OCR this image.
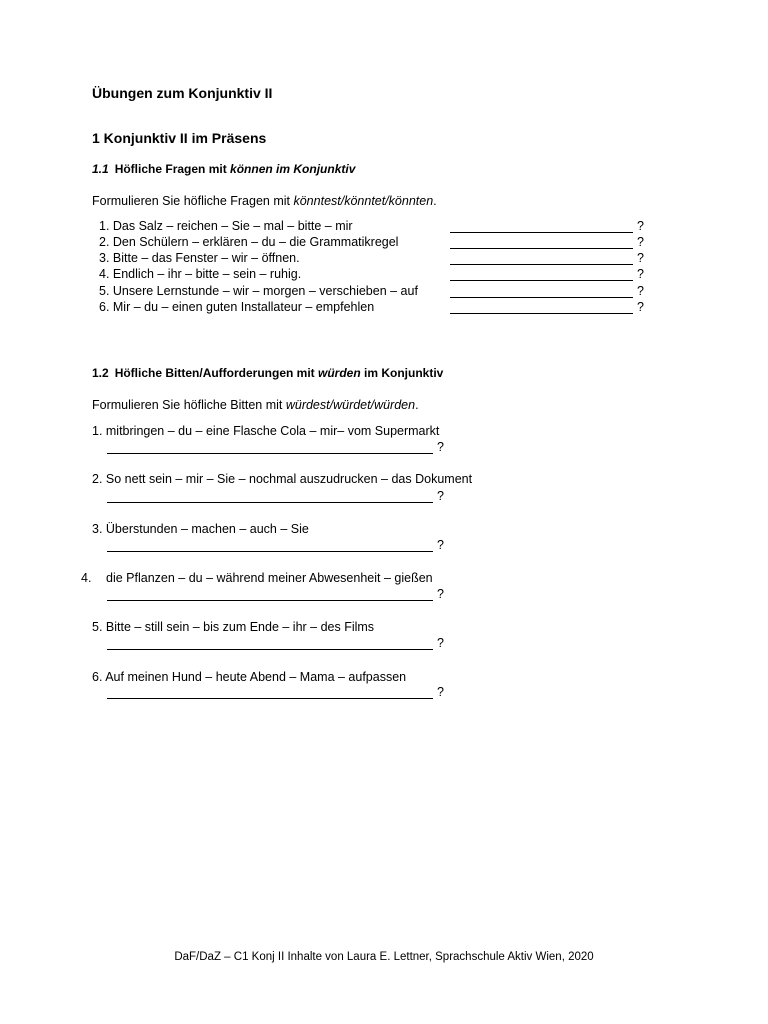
Übungen zum Konjunktiv II
1 Konjunktiv II im Präsens
1.1 Höfliche Fragen mit können im Konjunktiv
Formulieren Sie höfliche Fragen mit könntest/könntet/könnten.
1. Das Salz – reichen – Sie – mal – bitte – mir	?
2. Den Schülern – erklären – du – die Grammatikregel	?
3. Bitte – das Fenster – wir – öffnen.	?
4. Endlich – ihr – bitte – sein – ruhig.	?
5. Unsere Lernstunde – wir – morgen – verschieben – auf	?
6. Mir – du – einen guten Installateur – empfehlen	?
1.2 Höfliche Bitten/Aufforderungen mit würden im Konjunktiv
Formulieren Sie höfliche Bitten mit würdest/würdet/würden.
1. mitbringen – du – eine Flasche Cola – mir– vom Supermarkt
?
2. So nett sein – mir – Sie – nochmal auszudrucken – das Dokument
?
3. Überstunden – machen – auch – Sie
?
4. die Pflanzen – du – während meiner Abwesenheit – gießen
?
5. Bitte – still sein – bis zum Ende – ihr – des Films
?
6. Auf meinen Hund – heute Abend – Mama – aufpassen
?
DaF/DaZ – C1 Konj II Inhalte von Laura E. Lettner, Sprachschule Aktiv Wien, 2020
